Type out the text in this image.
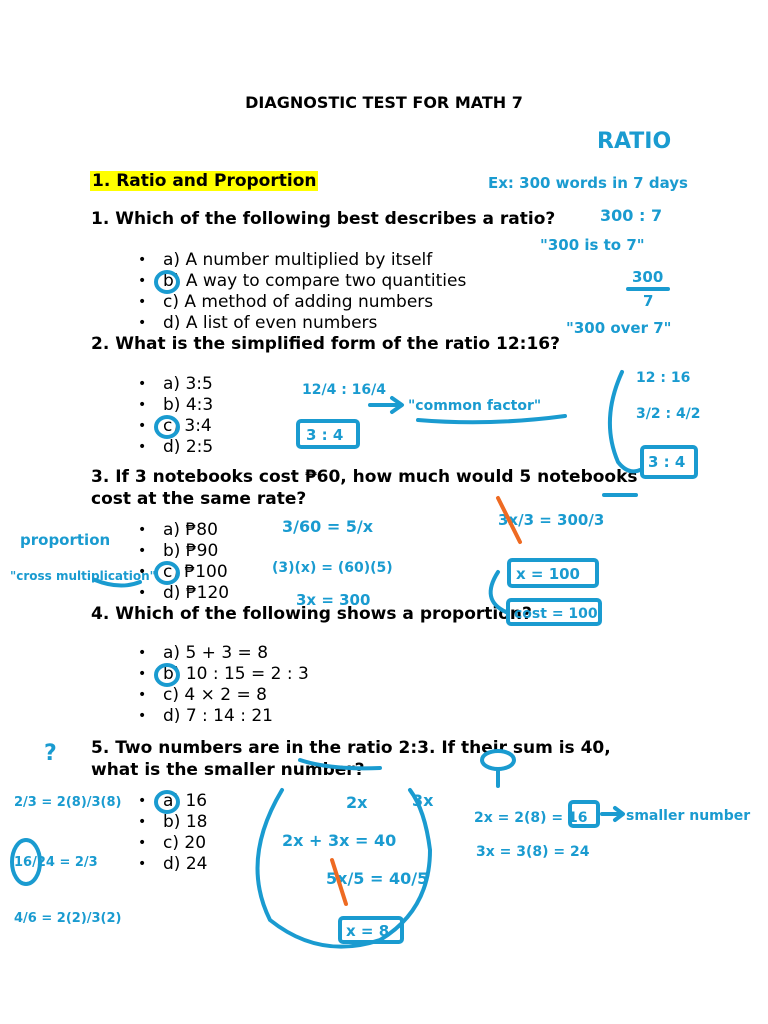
DIAGNOSTIC TEST FOR MATH 7
1. Ratio and Proportion
1. Which of the following best describes a ratio?
• a) A number multiplied by itself
• b) A way to compare two quantities
• c) A method of adding numbers
• d) A list of even numbers
2. What is the simplified form of the ratio 12:16?
• a) 3:5
• b) 4:3
• c) 3:4
• d) 2:5
3. If 3 notebooks cost ₱60, how much would 5 notebooks
cost at the same rate?
• a) ₱80
• b) ₱90
• c) ₱100
• d) ₱120
4. Which of the following shows a proportion?
• a) 5 + 3 = 8
• b) 10 : 15 = 2 : 3
• c) 4 × 2 = 8
• d) 7 : 14 : 21
5. Two numbers are in the ratio 2:3. If their sum is 40,
what is the smaller number?
• a) 16
• b) 18
• c) 20
• d) 24
RATIO
Ex: 300 words in 7 days
300 : 7
"300 is to 7"
300
7
"300 over 7"
12/4 : 16/4
"common factor"
3 : 4
12 : 16
3/2 : 4/2
3 : 4
proportion
"cross multiplication"
3/60 = 5/x
(3)(x) = (60)(5)
3x = 300
3x/3 = 300/3
x = 100
cost = 100
?
2/3 = 2(8)/3(8)
16/24 = 2/3
4/6 = 2(2)/3(2)
2x	3x
2x + 3x = 40
5x/5 = 40/5
x = 8
2x = 2(8) = 16	smaller number
3x = 3(8) = 24
